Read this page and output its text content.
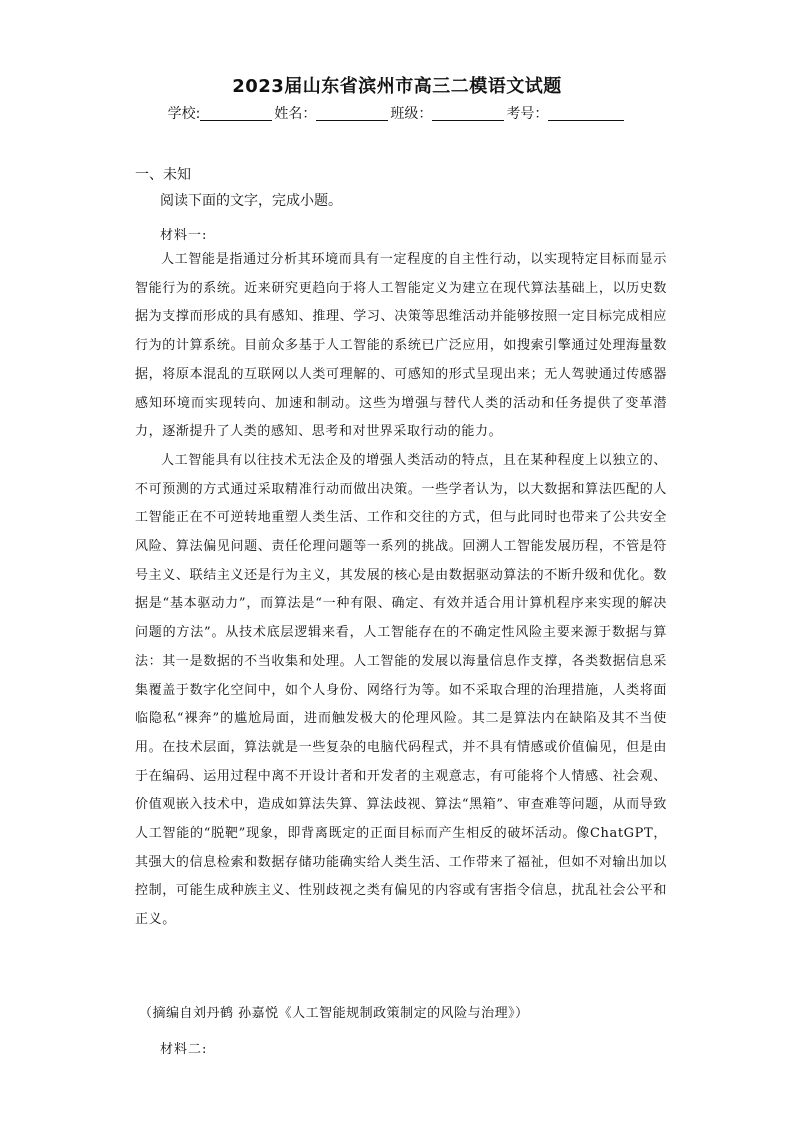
2023届山东省滨州市高三二模语文试题
学校:	姓名：	班级：	考号：
一、未知
阅读下面的文字，完成小题。
材料一:

人工智能是指通过分析其环境而具有一定程度的自主性行动，以实现特定目标而显示智能行为的系统。近来研究更趋向于将人工智能定义为建立在现代算法基础上，以历史数据为支撑而形成的具有感知、推理、学习、决策等思维活动并能够按照一定目标完成相应行为的计算系统。目前众多基于人工智能的系统已广泛应用，如搜索引擎通过处理海量数据，将原本混乱的互联网以人类可理解的、可感知的形式呈现出来；无人驾驶通过传感器感知环境而实现转向、加速和制动。这些为增强与替代人类的活动和任务提供了变革潜力，逐渐提升了人类的感知、思考和对世界采取行动的能力。

人工智能具有以往技术无法企及的增强人类活动的特点，且在某种程度上以独立的、不可预测的方式通过采取精准行动而做出决策。一些学者认为，以大数据和算法匹配的人工智能正在不可逆转地重塑人类生活、工作和交往的方式，但与此同时也带来了公共安全风险、算法偏见问题、责任伦理问题等一系列的挑战。回溯人工智能发展历程，不管是符号主义、联结主义还是行为主义，其发展的核心是由数据驱动算法的不断升级和优化。数据是“基本驱动力”，而算法是“一种有限、确定、有效并适合用计算机程序来实现的解决问题的方法”。从技术底层逻辑来看，人工智能存在的不确定性风险主要来源于数据与算法：其一是数据的不当收集和处理。人工智能的发展以海量信息作支撑，各类数据信息采集覆盖于数字化空间中，如个人身份、网络行为等。如不采取合理的治理措施，人类将面临隐私“裸奔”的尴尬局面，进而触发极大的伦理风险。其二是算法内在缺陷及其不当使用。在技术层面，算法就是一些复杂的电脑代码程式，并不具有情感或价值偏见，但是由于在编码、运用过程中离不开设计者和开发者的主观意志，有可能将个人情感、社会观、价值观嵌入技术中，造成如算法失算、算法歧视、算法“黑箱”、审查难等问题，从而导致人工智能的“脱靶”现象，即背离既定的正面目标而产生相反的破坏活动。像ChatGPT，其强大的信息检索和数据存储功能确实给人类生活、工作带来了福祉，但如不对输出加以控制，可能生成种族主义、性别歧视之类有偏见的内容或有害指令信息，扰乱社会公平和正义。

（摘编自刘丹鹤 孙嘉悦《人工智能规制政策制定的风险与治理》）
材料二:
